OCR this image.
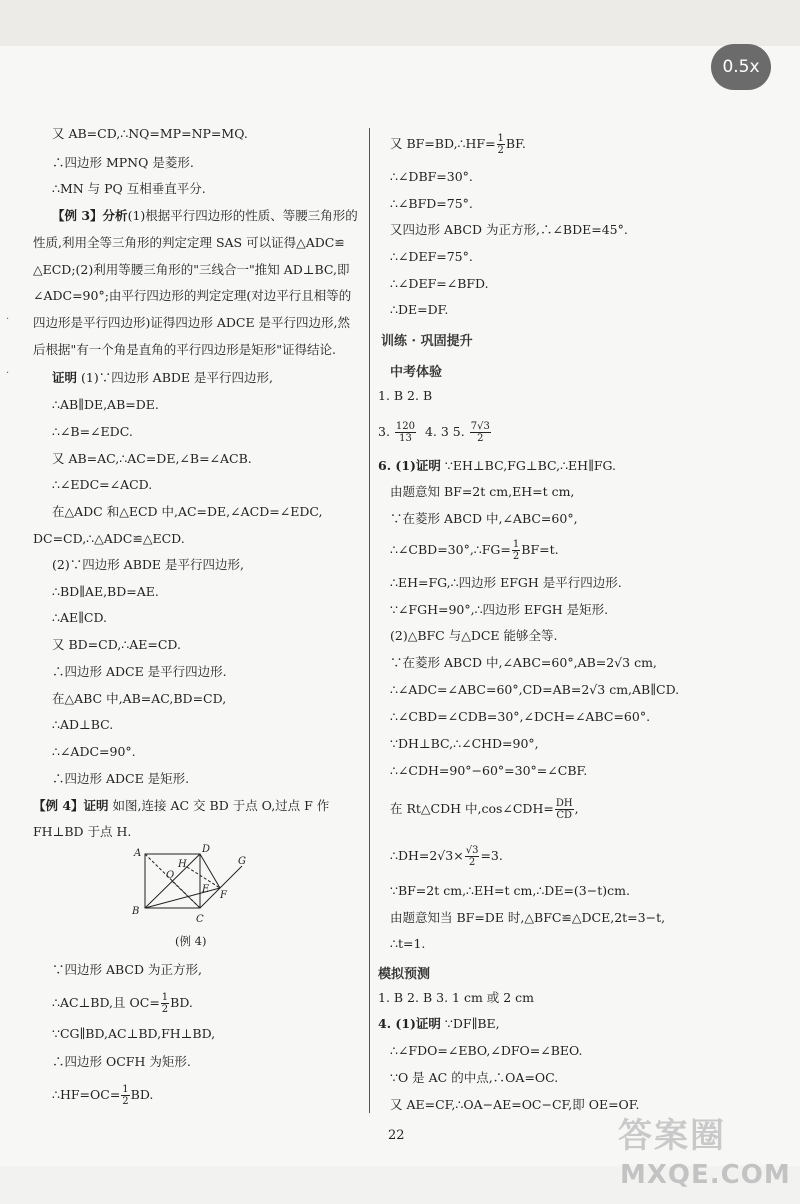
0.5x
·
·
又 AB=CD,∴NQ=MP=NP=MQ.
∴四边形 MPNQ 是菱形.
∴MN 与 PQ 互相垂直平分.
【例 3】分析(1)根据平行四边形的性质、等腰三角形的
性质,利用全等三角形的判定定理 SAS 可以证得△ADC≌
△ECD;(2)利用等腰三角形的"三线合一"推知 AD⊥BC,即
∠ADC=90°;由平行四边形的判定定理(对边平行且相等的
四边形是平行四边形)证得四边形 ADCE 是平行四边形,然
后根据"有一个角是直角的平行四边形是矩形"证得结论.
证明 (1)∵四边形 ABDE 是平行四边形,
∴AB∥DE,AB=DE.
∴∠B=∠EDC.
又 AB=AC,∴AC=DE,∠B=∠ACB.
∴∠EDC=∠ACD.
在△ADC 和△ECD 中,AC=DE,∠ACD=∠EDC,
DC=CD,∴△ADC≌△ECD.
(2)∵四边形 ABDE 是平行四边形,
∴BD∥AE,BD=AE.
∴AE∥CD.
又 BD=CD,∴AE=CD.
∴四边形 ADCE 是平行四边形.
在△ABC 中,AB=AC,BD=CD,
∴AD⊥BC.
∴∠ADC=90°.
∴四边形 ADCE 是矩形.
【例 4】证明 如图,连接 AC 交 BD 于点 O,过点 F 作
FH⊥BD 于点 H.
A
B
C
D
E
F
G
H
O
(例 4)
∵四边形 ABCD 为正方形,
∴AC⊥BD,且 $OC= \frac{1}{2}$ BD.
∵CG∥BD,AC⊥BD,FH⊥BD,
∴四边形 OCFH 为矩形.
∴HF=OC= $\frac{1}{2}$ BD.
又 BF=BD,∴HF= $\frac{1}{2}$ BF.
∴∠DBF=30°.
∴∠BFD=75°.
又四边形 ABCD 为正方形,∴∠BDE=45°.
∴∠DEF=75°.
∴∠DEF=∠BFD.
∴DE=DF.
训练 · 巩固提升
中考体验
1. B 2. B
3. $\frac{120}{13} 4$. 3 5. $\frac{7√3}{2}$
6. (1)证明 ∵EH⊥BC,FG⊥BC,∴EH∥FG.
由题意知 BF=2t cm,EH=t cm,
∵在菱形 ABCD 中,∠ABC=60°,
∴∠CBD=30°,∴FG= $\frac{1}{2} BF=t$.
∴EH=FG,∴四边形 EFGH 是平行四边形.
∵∠FGH=90°,∴四边形 EFGH 是矩形.
(2)△BFC 与△DCE 能够全等.
∵在菱形 ABCD 中,∠ABC=60°,AB=2√3 cm,
∴∠ADC=∠ABC=60°,CD=AB=2√3 cm,AB∥CD.
∴∠CBD=∠CDB=30°,∠DCH=∠ABC=60°.
∵DH⊥BC,∴∠CHD=90°,
∴∠CDH=90°−60°=30°=∠CBF.
在 Rt△CDH 中,cos∠CDH= $\frac{DH}{CD}$ ,
∴DH=2√3× $\frac{√3}{2} =3$.
∵BF=2t cm,∴EH=t cm,∴DE=(3−t)cm.
由题意知当 BF=DE 时,△BFC≌△DCE,2t=3−t,
∴t=1.
模拟预测
1. B 2. B 3. 1 cm 或 2 cm
4. (1)证明 ∵DF∥BE,
∴∠FDO=∠EBO,∠DFO=∠BEO.
∵O 是 AC 的中点,∴OA=OC.
又 AE=CF,∴OA−AE=OC−CF,即 OE=OF.
22	答案圈
MXQE.COM
